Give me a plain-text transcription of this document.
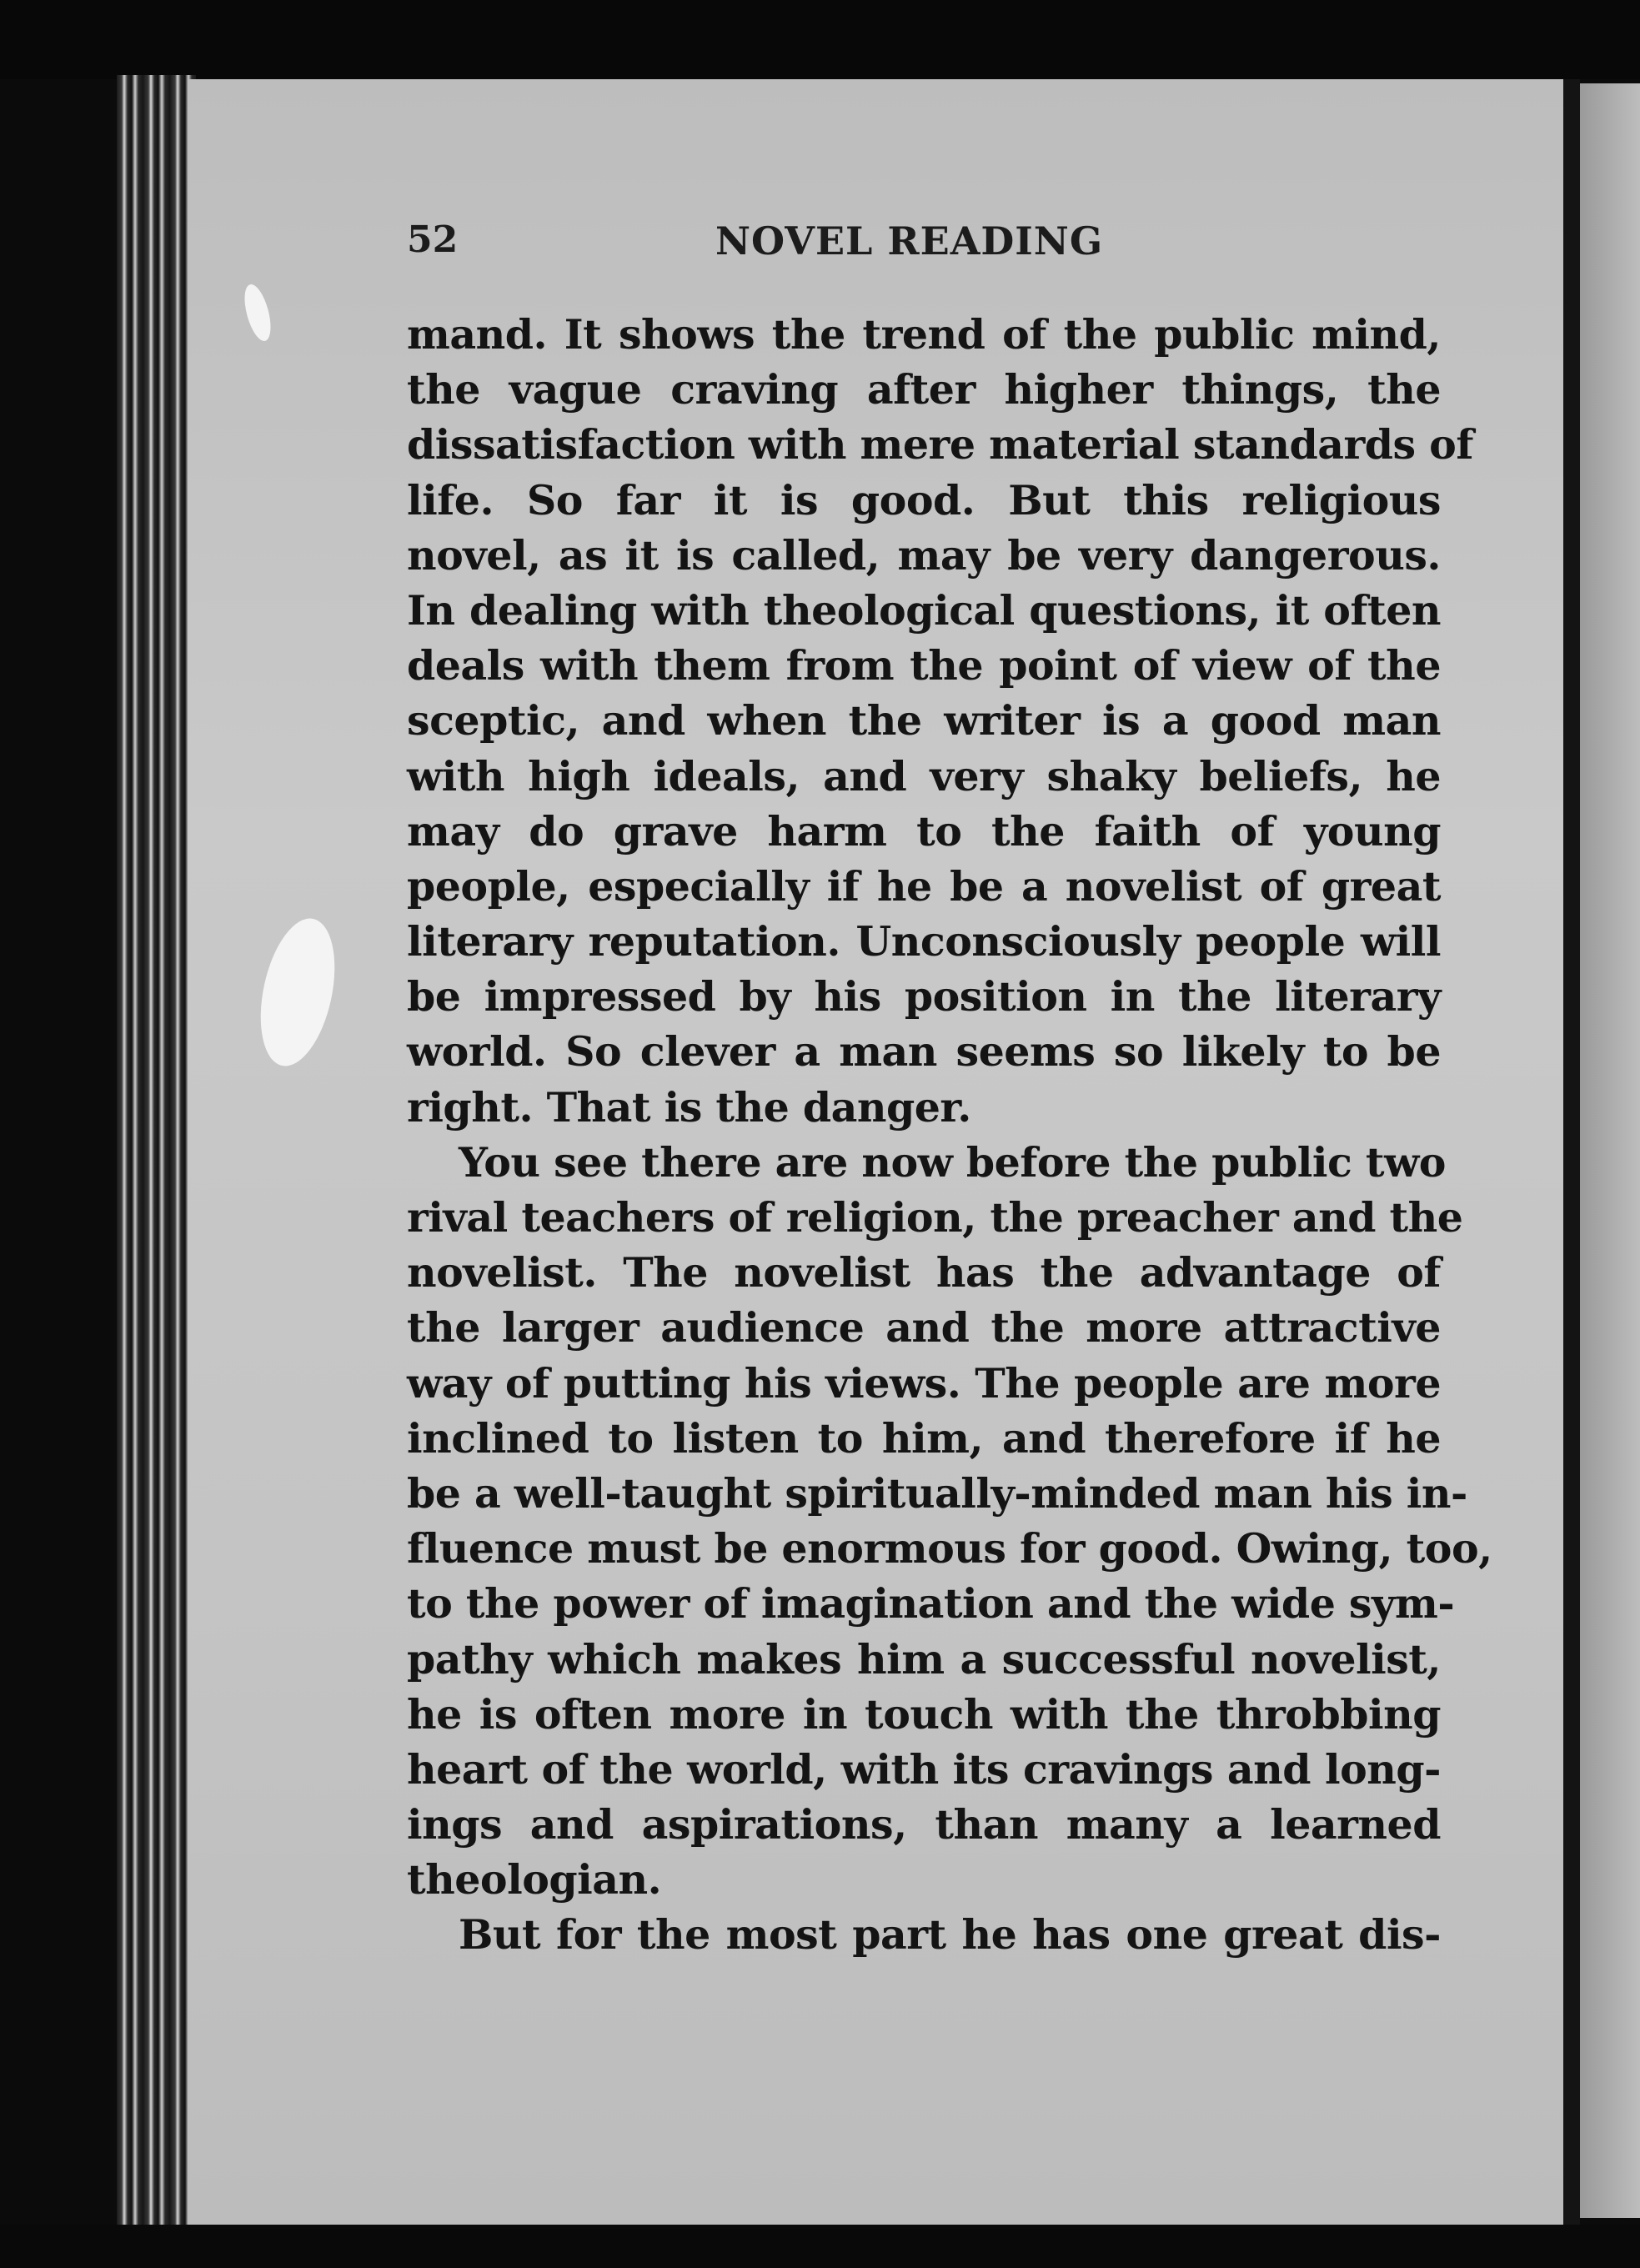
52	NOVEL READING
mand. It shows the trend of the public mind,
the vague craving after higher things, the
dissatisfaction with mere material standards of
life. So far it is good. But this religious
novel, as it is called, may be very dangerous.
In dealing with theological questions, it often
deals with them from the point of view of the
sceptic, and when the writer is a good man
with high ideals, and very shaky beliefs, he
may do grave harm to the faith of young
people, especially if he be a novelist of great
literary reputation. Unconsciously people will
be impressed by his position in the literary
world. So clever a man seems so likely to be
right. That is the danger.
You see there are now before the public two
rival teachers of religion, the preacher and the
novelist. The novelist has the advantage of
the larger audience and the more attractive
way of putting his views. The people are more
inclined to listen to him, and therefore if he
be a well-taught spiritually-minded man his in-
fluence must be enormous for good. Owing, too,
to the power of imagination and the wide sym-
pathy which makes him a successful novelist,
he is often more in touch with the throbbing
heart of the world, with its cravings and long-
ings and aspirations, than many a learned
theologian.
But for the most part he has one great dis-
